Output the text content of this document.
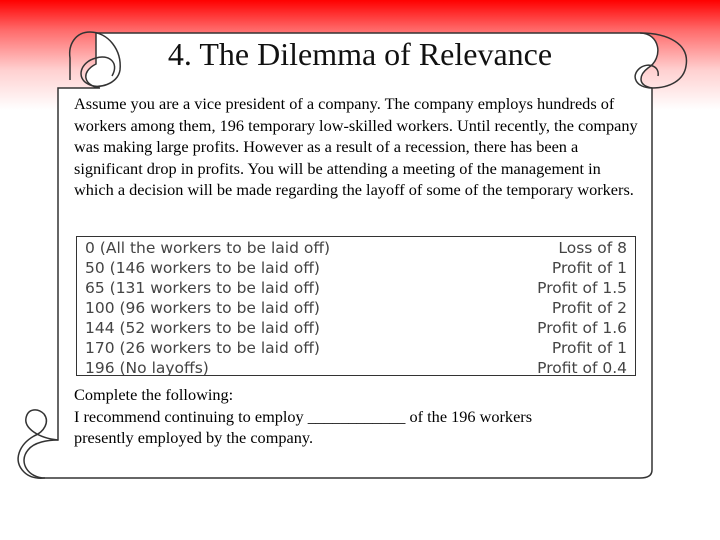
4. The Dilemma of Relevance
Assume you are a vice president of a company. The company employs hundreds of workers among them, 196 temporary low-skilled workers. Until recently, the company was making large profits. However as a result of a recession, there has been a significant drop in profits. You will be attending a meeting of the management in which a decision will be made regarding the layoff of some of the temporary workers.
0 (All the workers to be laid off)	Loss of 8
50 (146 workers to be laid off)	Profit of 1
65 (131 workers to be laid off)	Profit of 1.5
100 (96 workers to be laid off)	Profit of 2
144 (52 workers to be laid off)	Profit of 1.6
170 (26 workers to be laid off)	Profit of 1
196 (No layoffs)	Profit of 0.4
Complete the following:
I recommend continuing to employ ____________ of the 196 workers
presently employed by the company.
